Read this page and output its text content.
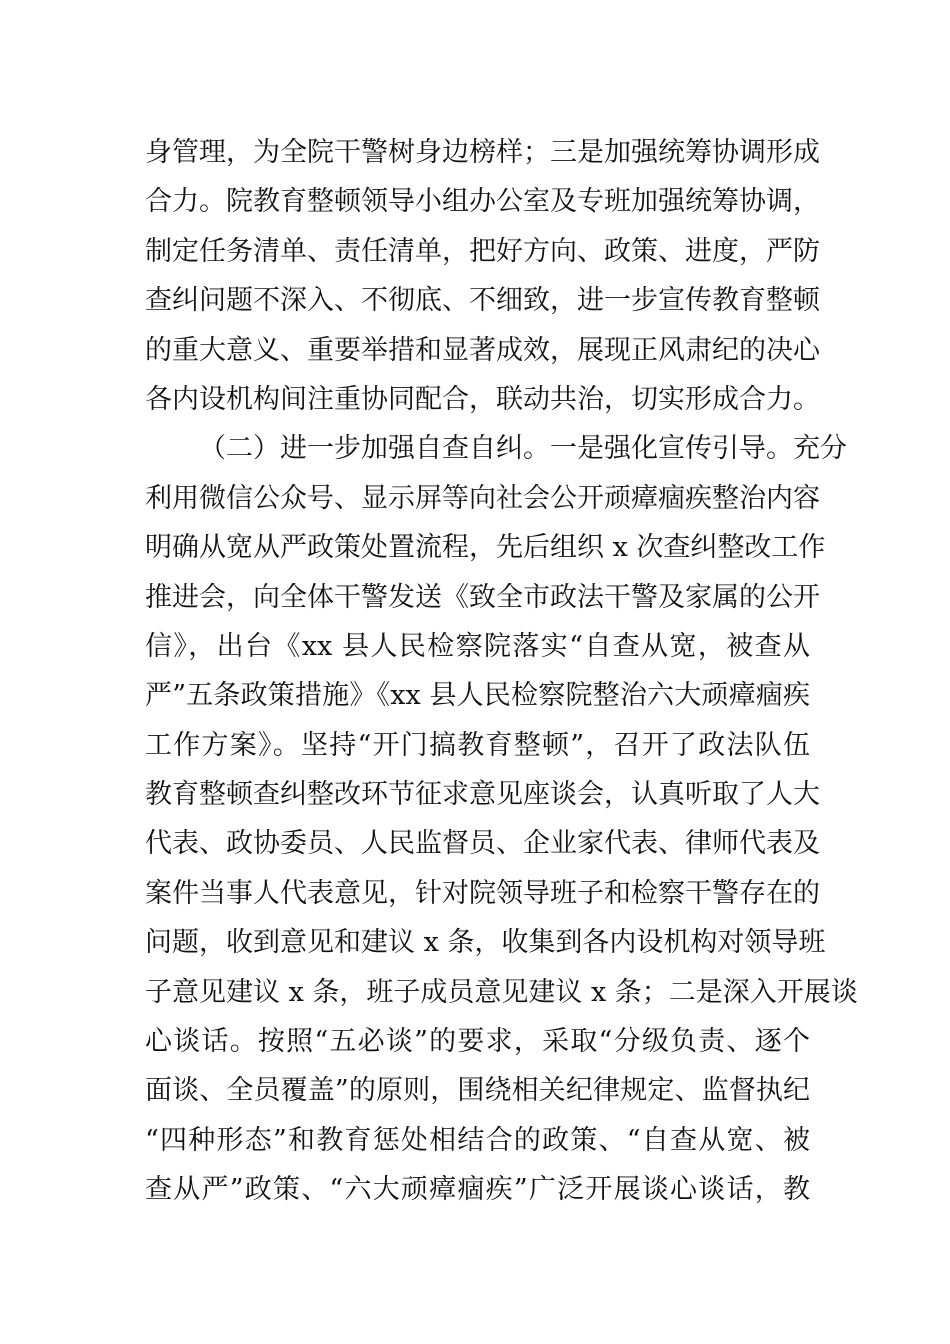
身管理，为全院干警树身边榜样；三是加强统筹协调形成
合力。院教育整顿领导小组办公室及专班加强统筹协调，
制定任务清单、责任清单，把好方向、政策、进度，严防
查纠问题不深入、不彻底、不细致，进一步宣传教育整顿
的重大意义、重要举措和显著成效，展现正风肃纪的决心
各内设机构间注重协同配合，联动共治，切实形成合力。
（二）进一步加强自查自纠。一是强化宣传引导。充分
利用微信公众号、显示屏等向社会公开顽瘴痼疾整治内容
明确从宽从严政策处置流程，先后组织 x 次查纠整改工作
推进会，向全体干警发送《致全市政法干警及家属的公开
信》，出台《xx 县人民检察院落实“自查从宽，被查从
严”五条政策措施》《xx 县人民检察院整治六大顽瘴痼疾
工作方案》。坚持“开门搞教育整顿”，召开了政法队伍
教育整顿查纠整改环节征求意见座谈会，认真听取了人大
代表、政协委员、人民监督员、企业家代表、律师代表及
案件当事人代表意见，针对院领导班子和检察干警存在的
问题，收到意见和建议 x 条，收集到各内设机构对领导班
子意见建议 x 条，班子成员意见建议 x 条；二是深入开展谈
心谈话。按照“五必谈”的要求，采取“分级负责、逐个
面谈、全员覆盖”的原则，围绕相关纪律规定、监督执纪
“四种形态”和教育惩处相结合的政策、“自查从宽、被
查从严”政策、“六大顽瘴痼疾”广泛开展谈心谈话，教
